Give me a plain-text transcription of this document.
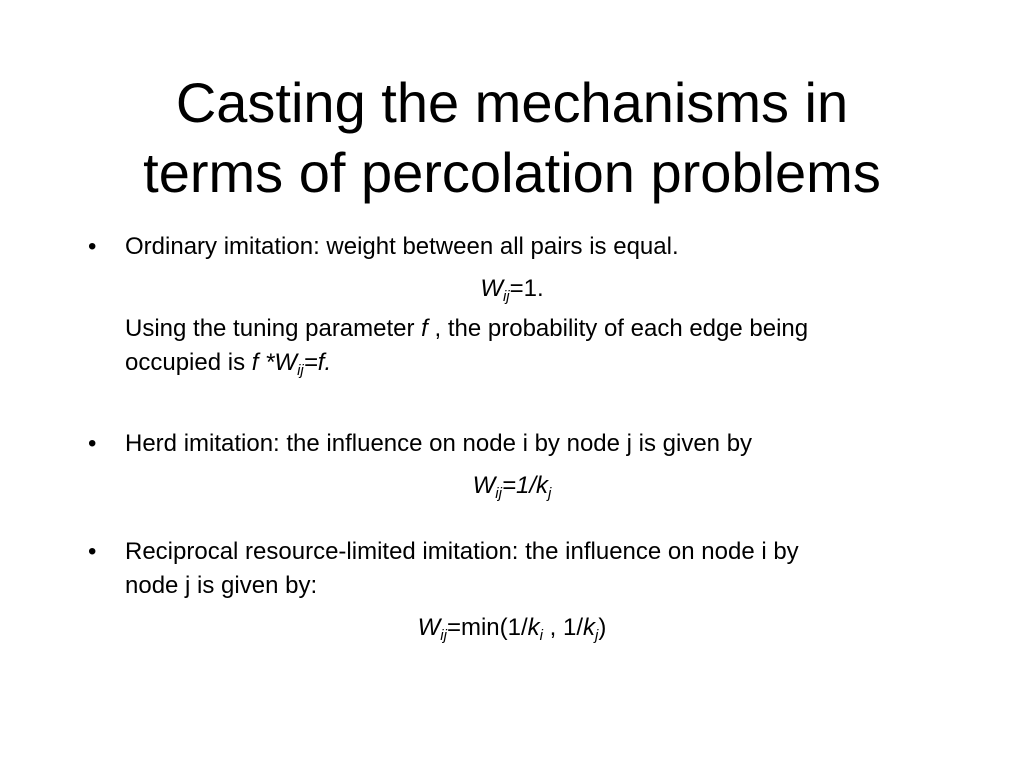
Casting the mechanisms in
terms of percolation problems
• Ordinary imitation: weight between all pairs is equal.
$W_{ij}=1$.
Using the tuning parameter f , the probability of each edge being
occupied is f $*W_{ij}=f$.
• Herd imitation: the influence on node i by node j is given by
$W_{ij}=1/k_j$
• Reciprocal resource-limited imitation: the influence on node i by
node j is given by:
$W_{ij}=\min(1/k_i$ , $1/k_j$)
